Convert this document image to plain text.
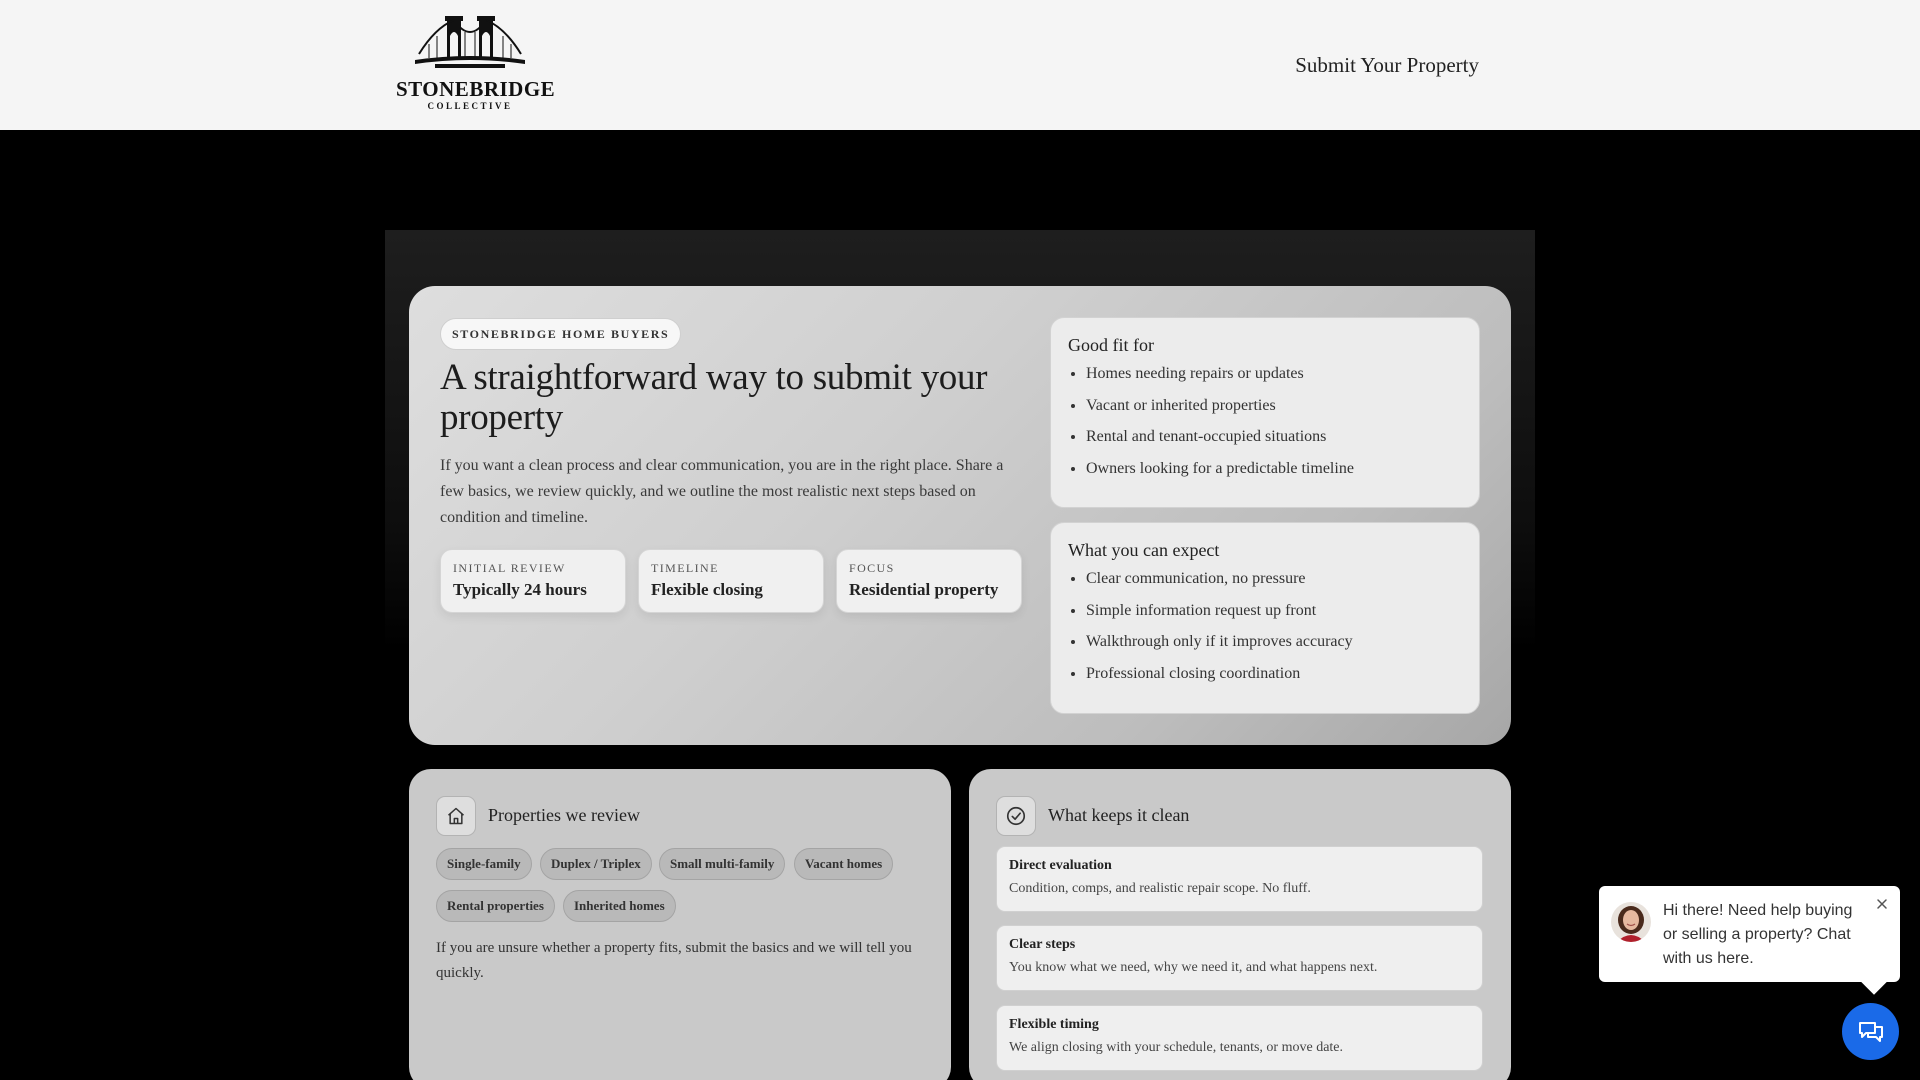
STONEBRIDGE
COLLECTIVE
Submit Your Property
STONEBRIDGE HOME BUYERS
A straightforward way to submit your property

If you want a clean process and clear communication, you are in the right place. Share a few basics, we review quickly, and we outline the most realistic next steps based on condition and timeline.

INITIAL REVIEW
Typically 24 hours
TIMELINE
Flexible closing
FOCUS
Residential property
Good fit for
• Homes needing repairs or updates
• Vacant or inherited properties
• Rental and tenant-occupied situations
• Owners looking for a predictable timeline
What you can expect
• Clear communication, no pressure
• Simple information request up front
• Walkthrough only if it improves accuracy
• Professional closing coordination
Properties we review
Single-family	Duplex / Triplex	Small multi-family	Vacant homes
Rental properties	Inherited homes

If you are unsure whether a property fits, submit the basics and we will tell you quickly.

What keeps it clean
Direct evaluation
Condition, comps, and realistic repair scope. No fluff.
Clear steps
You know what we need, why we need it, and what happens next.
Flexible timing
We align closing with your schedule, tenants, or move date.
Hi there! Need help buying or selling a property? Chat with us here.
